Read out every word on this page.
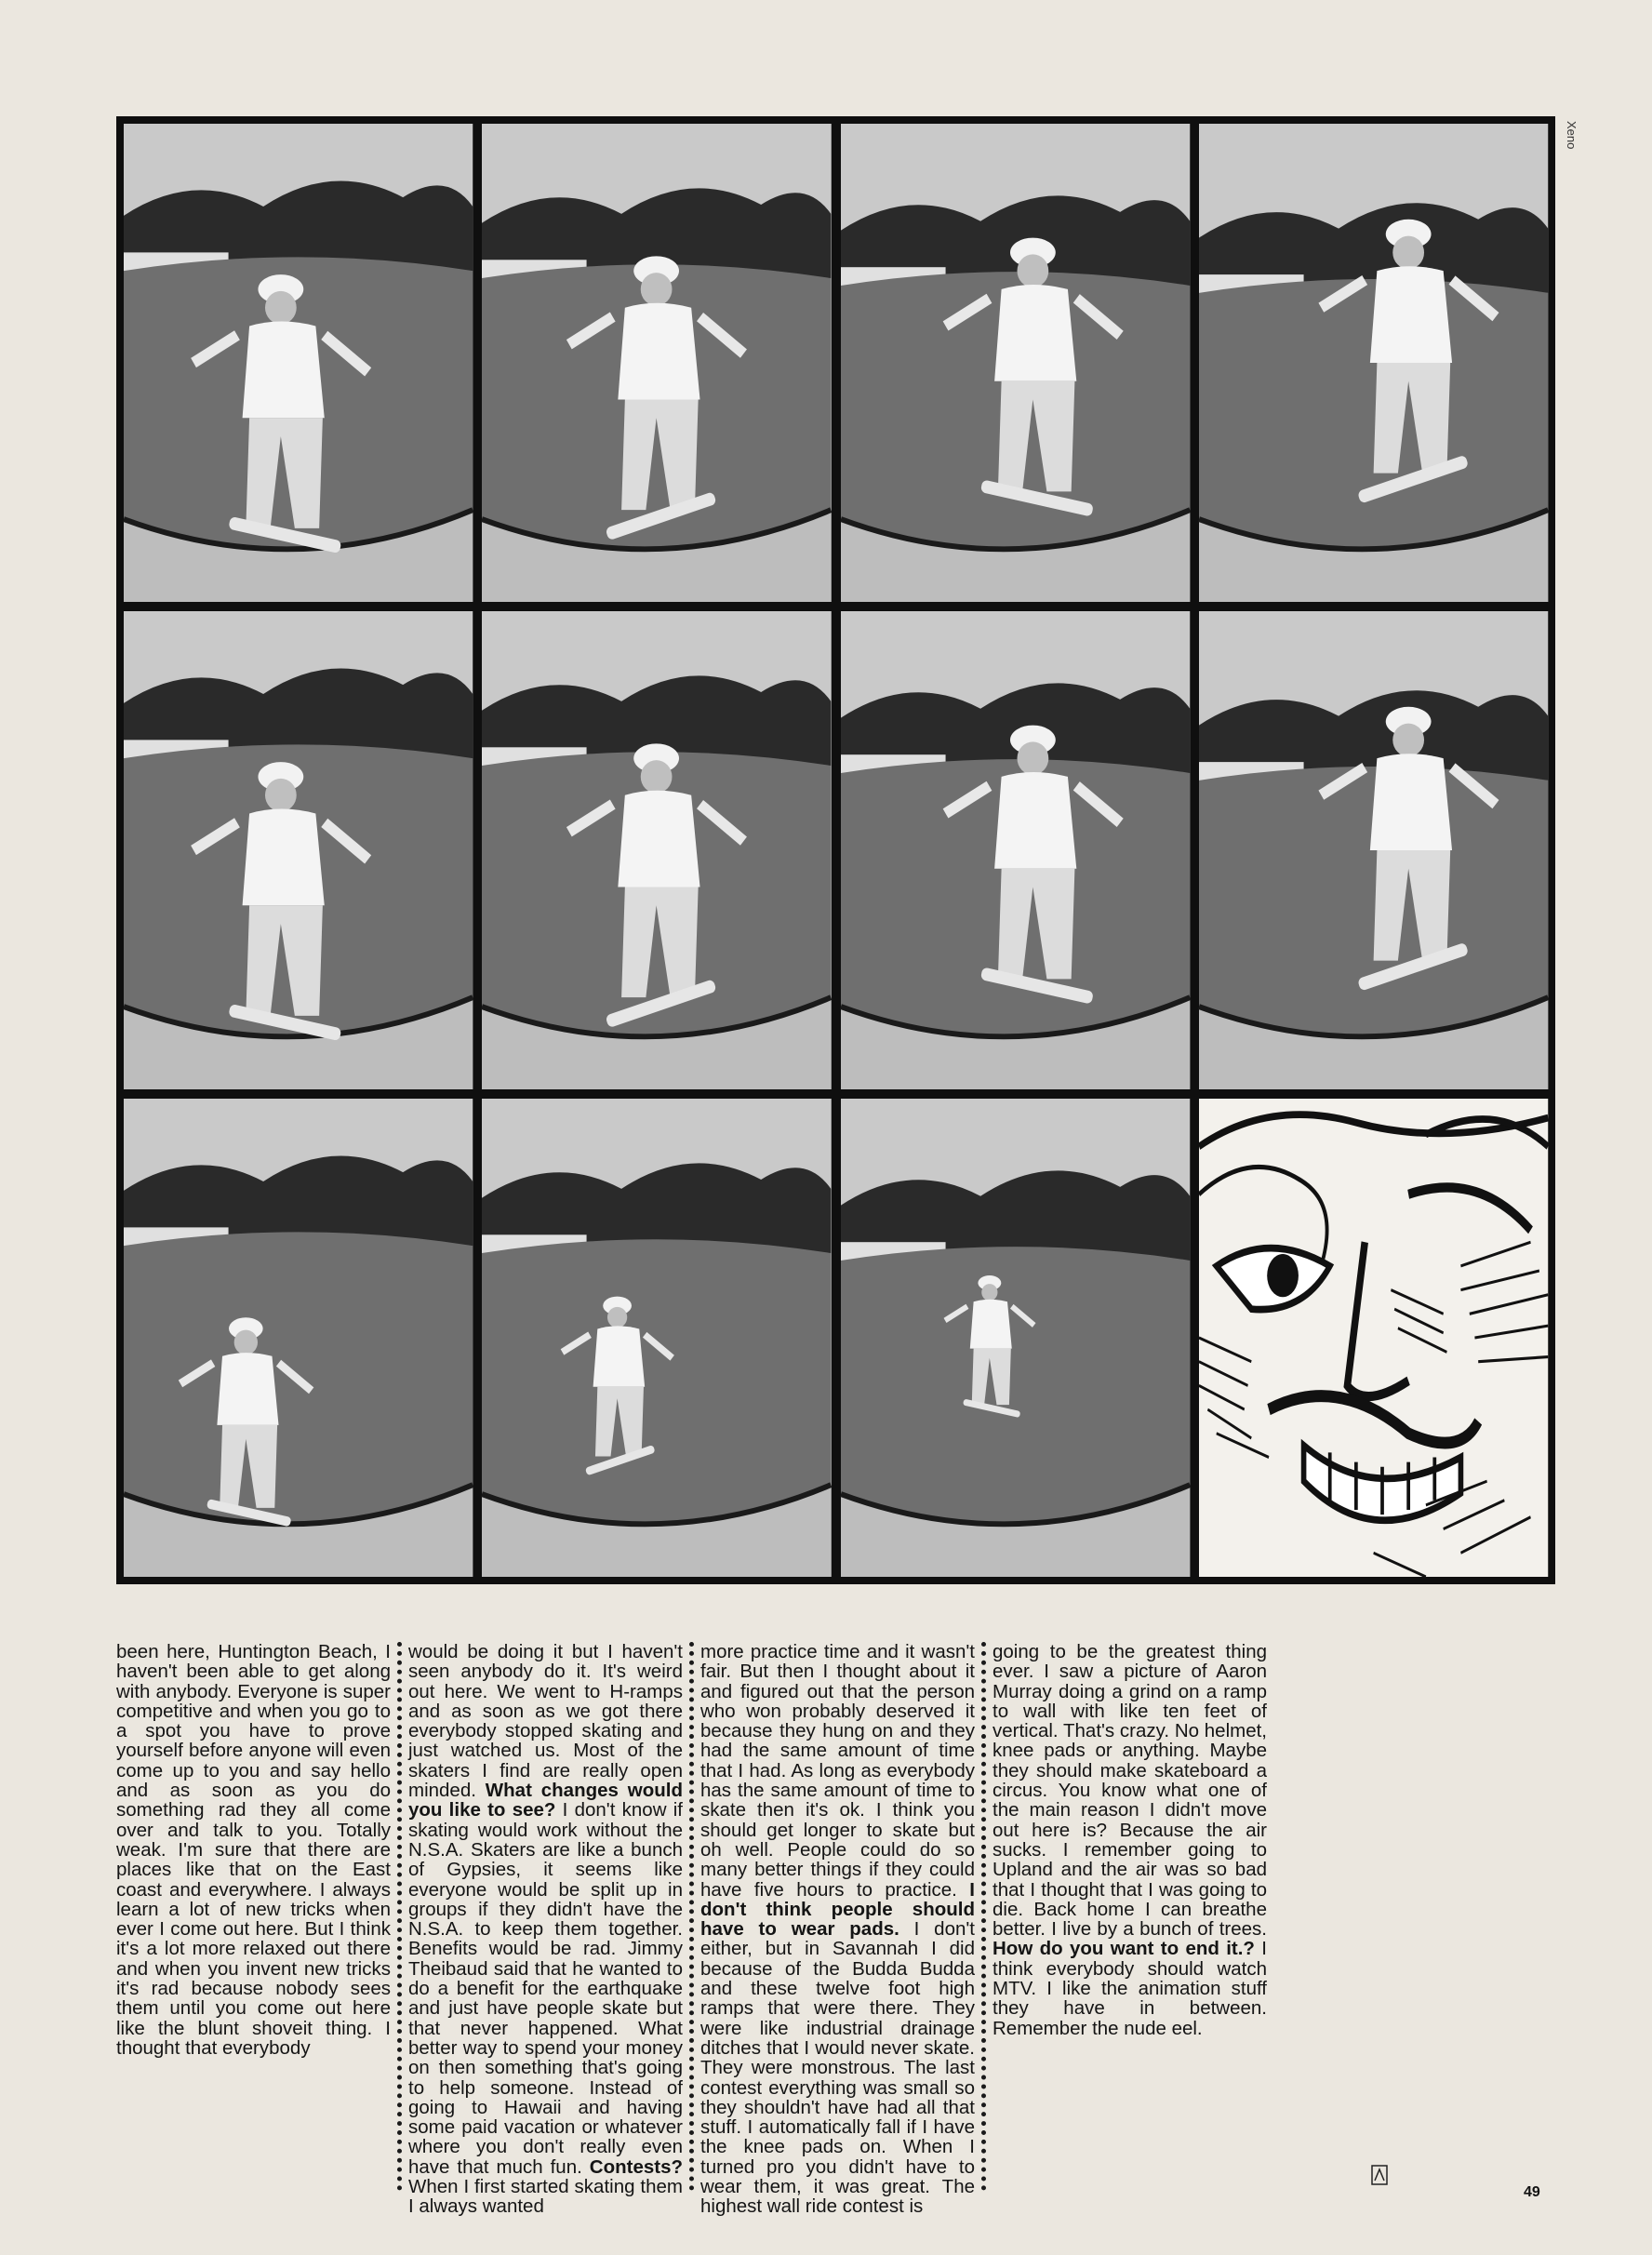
Xeno
been here, Huntington Beach, I haven't been able to get along with anybody. Everyone is super competitive and when you go to a spot you have to prove yourself before anyone will even come up to you and say hello and as soon as you do something rad they all come over and talk to you. Totally weak. I'm sure that there are places like that on the East coast and everywhere. I always learn a lot of new tricks when ever I come out here. But I think it's a lot more relaxed out there and when you invent new tricks it's rad because nobody sees them until you come out here like the blunt shoveit thing. I thought that everybody
would be doing it but I haven't seen anybody do it. It's weird out here. We went to H-ramps and as soon as we got there everybody stopped skating and just watched us. Most of the skaters I find are really open minded. What changes would you like to see? I don't know if skating would work without the N.S.A. Skaters are like a bunch of Gypsies, it seems like everyone would be split up in groups if they didn't have the N.S.A. to keep them together. Benefits would be rad. Jimmy Theibaud said that he wanted to do a benefit for the earthquake and just have people skate but that never happened. What better way to spend your money on then something that's going to help someone. Instead of going to Hawaii and having some paid vacation or whatever where you don't really even have that much fun. Contests? When I first started skating them I always wanted
more practice time and it wasn't fair. But then I thought about it and figured out that the person who won probably deserved it because they hung on and they had the same amount of time that I had. As long as everybody has the same amount of time to skate then it's ok. I think you should get longer to skate but oh well. People could do so many better things if they could have five hours to practice. I don't think people should have to wear pads. I don't either, but in Savannah I did because of the Budda Budda and these twelve foot high ramps that were there. They were like industrial drainage ditches that I would never skate. They were monstrous. The last contest everything was small so they shouldn't have had all that stuff. I automatically fall if I have the knee pads on. When I turned pro you didn't have to wear them, it was great. The highest wall ride contest is
going to be the greatest thing ever. I saw a picture of Aaron Murray doing a grind on a ramp to wall with like ten feet of vertical. That's crazy. No helmet, knee pads or anything. Maybe they should make skateboard a circus. You know what one of the main reason I didn't move out here is? Because the air sucks. I remember going to Upland and the air was so bad that I thought that I was going to die. Back home I can breathe better. I live by a bunch of trees. How do you want to end it.? I think everybody should watch MTV. I like the animation stuff they have in between. Remember the nude eel.
49
